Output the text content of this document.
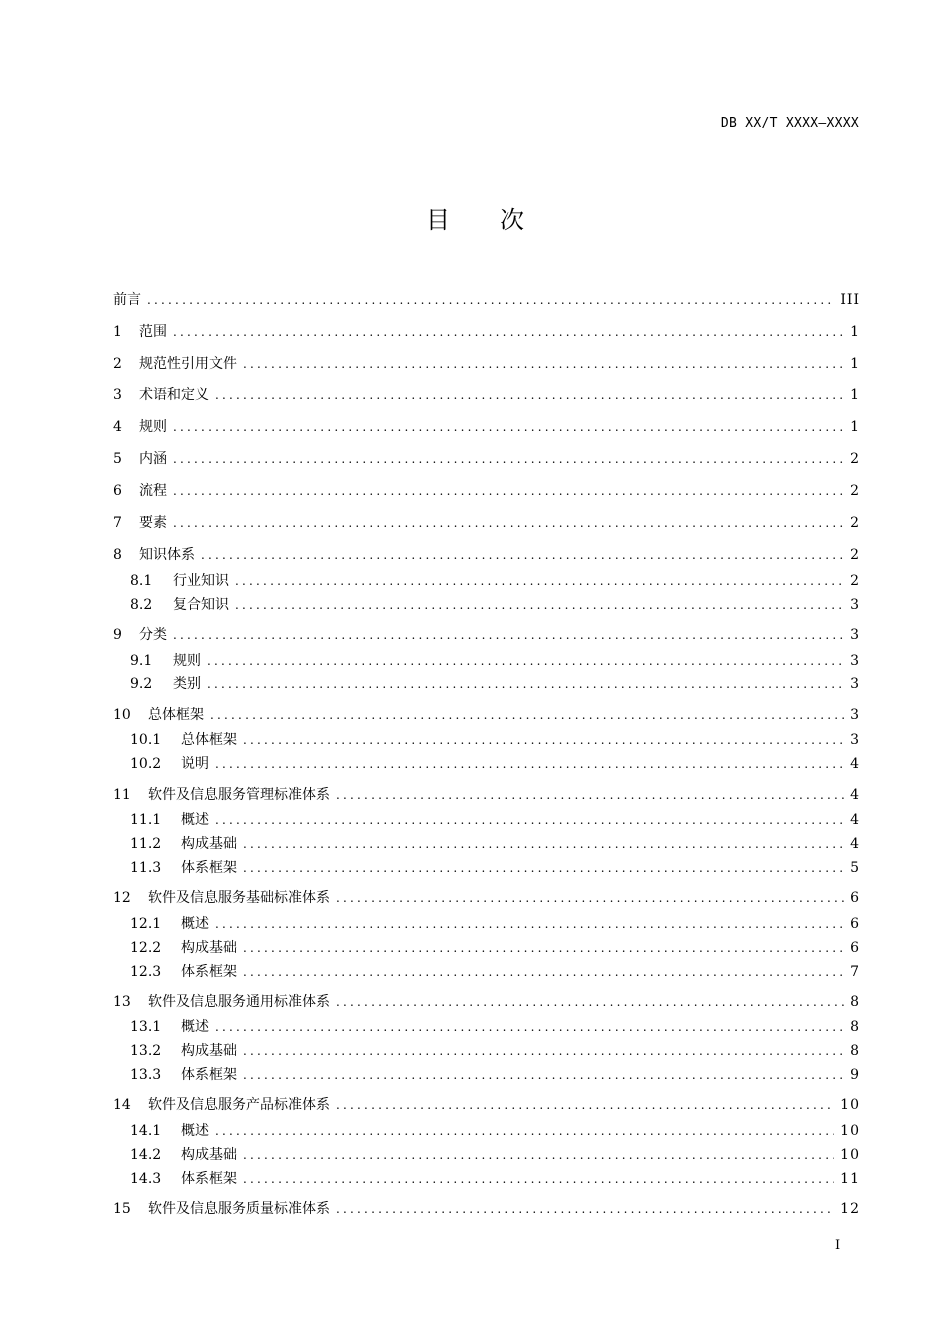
DB XX/T XXXX—XXXX
目 次
前言 .....	III
1	范围 .....	1
2	规范性引用文件 .....	1
3	术语和定义 .....	1
4	规则 .....	1
5	内涵 .....	2
6	流程 .....	2
7	要素 .....	2
8	知识体系 .....	2
8.1	行业知识 .....	2
8.2	复合知识 .....	3
9	分类 .....	3
9.1	规则 .....	3
9.2	类别 .....	3
10	总体框架 .....	3
10.1	总体框架 .....	3
10.2	说明 .....	4
11	软件及信息服务管理标准体系 .....	4
11.1	概述 .....	4
11.2	构成基础 .....	4
11.3	体系框架 .....	5
12	软件及信息服务基础标准体系 .....	6
12.1	概述 .....	6
12.2	构成基础 .....	6
12.3	体系框架 .....	7
13	软件及信息服务通用标准体系 .....	8
13.1	概述 .....	8
13.2	构成基础 .....	8
13.3	体系框架 .....	9
14	软件及信息服务产品标准体系 .....	10
14.1	概述 .....	10
14.2	构成基础 .....	10
14.3	体系框架 .....	11
15	软件及信息服务质量标准体系 .....	12
I
